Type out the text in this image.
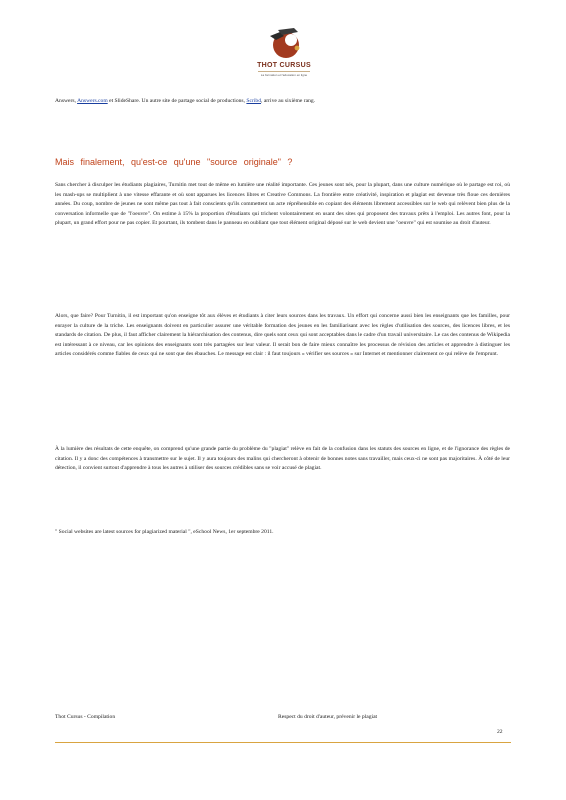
THOT CURSUS
La formation et l'éducation en ligne
Answers, Answers.com et SlideShare. Un autre site de partage social de productions, Scribd, arrive au sixième rang.
Mais finalement, qu'est-ce qu'une "source originale" ?
Sans chercher à disculper les étudiants plagiaires, Turnitin met tout de même en lumière une réalité importante. Ces jeunes sont nés, pour la plupart, dans une culture numérique où le partage est roi, où les mash-ups se multiplient à une vitesse effarante et où sont apparues les licences libres et Creative Commons. La frontière entre créativité, inspiration et plagiat est devenue très floue ces dernières années. Du coup, nombre de jeunes ne sont même pas tout à fait conscients qu'ils commettent un acte répréhensible en copiant des éléments librement accessibles sur le web qui relèvent bien plus de la conversation informelle que de "l'oeuvre". On estime à 15% la proportion d'étudiants qui trichent volontairement en usant des sites qui proposent des travaux prêts à l'emploi. Les autres font, pour la plupart, un grand effort pour ne pas copier. Et pourtant, ils tombent dans le panneau en oubliant que tout élément original déposé sur le web devient une "oeuvre" qui est soumise au droit d'auteur.
Alors, que faire? Pour Turnitin, il est important qu'on enseigne tôt aux élèves et étudiants à citer leurs sources dans les travaux. Un effort qui concerne aussi bien les enseignants que les familles, pour enrayer la culture de la triche. Les enseignants doivent en particulier assurer une véritable formation des jeunes en les familiarisant avec les règles d'utilisation des sources, des licences libres, et les standards de citation. De plus, il faut afficher clairement la hiérarchisation des contenus, dire quels sont ceux qui sont acceptables dans le cadre d'un travail universitaire. Le cas des contenus de Wikipedia est intéressant à ce niveau, car les opinions des enseignants sont très partagées sur leur valeur. Il serait bon de faire mieux connaître les processus de révision des articles et apprendre à distinguer les articles considérés comme fiables de ceux qui ne sont que des ébauches. Le message est clair : il faut toujours « vérifier ses sources » sur Internet et mentionner clairement ce qui relève de l'emprunt.
À la lumière des résultats de cette enquête, on comprend qu'une grande partie du problème du "plagiat" relève en fait de la confusion dans les statuts des sources en ligne, et de l'ignorance des règles de citation. Il y a donc des compétences à transmettre sur le sujet. Il y aura toujours des malins qui chercheront à obtenir de bonnes notes sans travailler, mais ceux-ci ne sont pas majoritaires. À côté de leur détection, il convient surtout d'apprendre à tous les autres à utiliser des sources crédibles sans se voir accusé de plagiat.
" Social websites are latest sources for plagiarized material ", eSchool News, 1er septembre 2011.
Thot Cursus - Compilation	Respect du droit d'auteur, prévenir le plagiat
22
